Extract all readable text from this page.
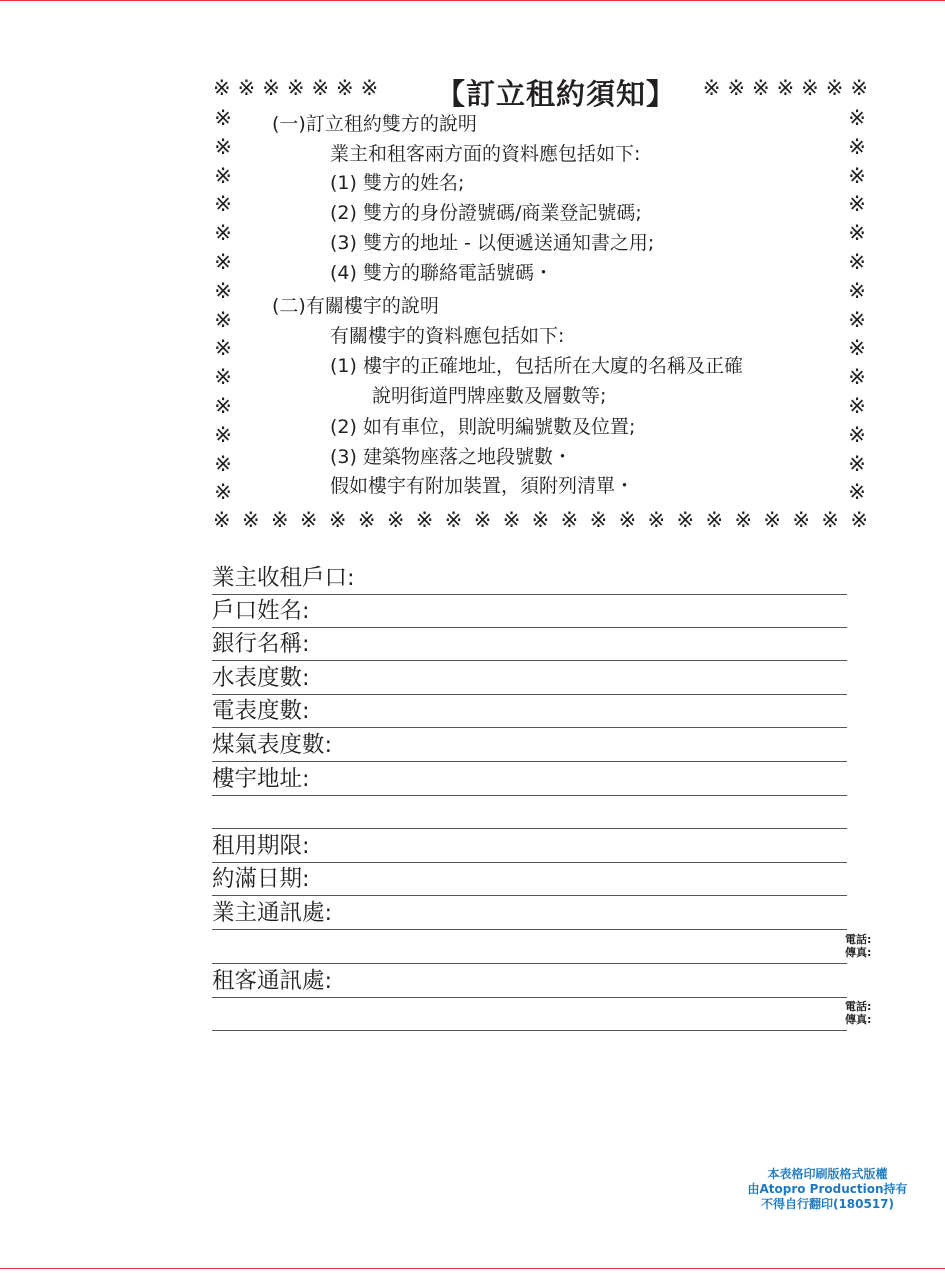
※ ※ ※ ※ ※ ※ ※ 【訂立租約須知】 ※ ※ ※ ※ ※ ※ ※
※
※
※
※
※
※
※
※
※
※
※
※
※
※
※
※
※
※
※
※
※
※
※
※
※
※
※
※
(一)訂立租約雙方的說明
業主和租客兩方面的資料應包括如下:
(1) 雙方的姓名;
(2) 雙方的身份證號碼/商業登記號碼;
(3) 雙方的地址 - 以便遞送通知書之用;
(4) 雙方的聯絡電話號碼・
(二)有關樓宇的說明
有關樓宇的資料應包括如下:
(1) 樓宇的正確地址，包括所在大廈的名稱及正確
說明街道門牌座數及層數等;
(2) 如有車位，則說明編號數及位置;
(3) 建築物座落之地段號數・
假如樓宇有附加裝置，須附列清單・
※ ※ ※ ※ ※ ※ ※ ※ ※ ※ ※ ※ ※ ※ ※ ※ ※ ※ ※ ※ ※ ※ ※
業主收租戶口:
戶口姓名:
銀行名稱:
水表度數:
電表度數:
煤氣表度數:
樓宇地址:
租用期限:
約滿日期:
業主通訊處:
電話:
傳真:
租客通訊處:
電話:
傳真:
本表格印刷版格式版權
由Atopro Production持有
不得自行翻印(180517)
